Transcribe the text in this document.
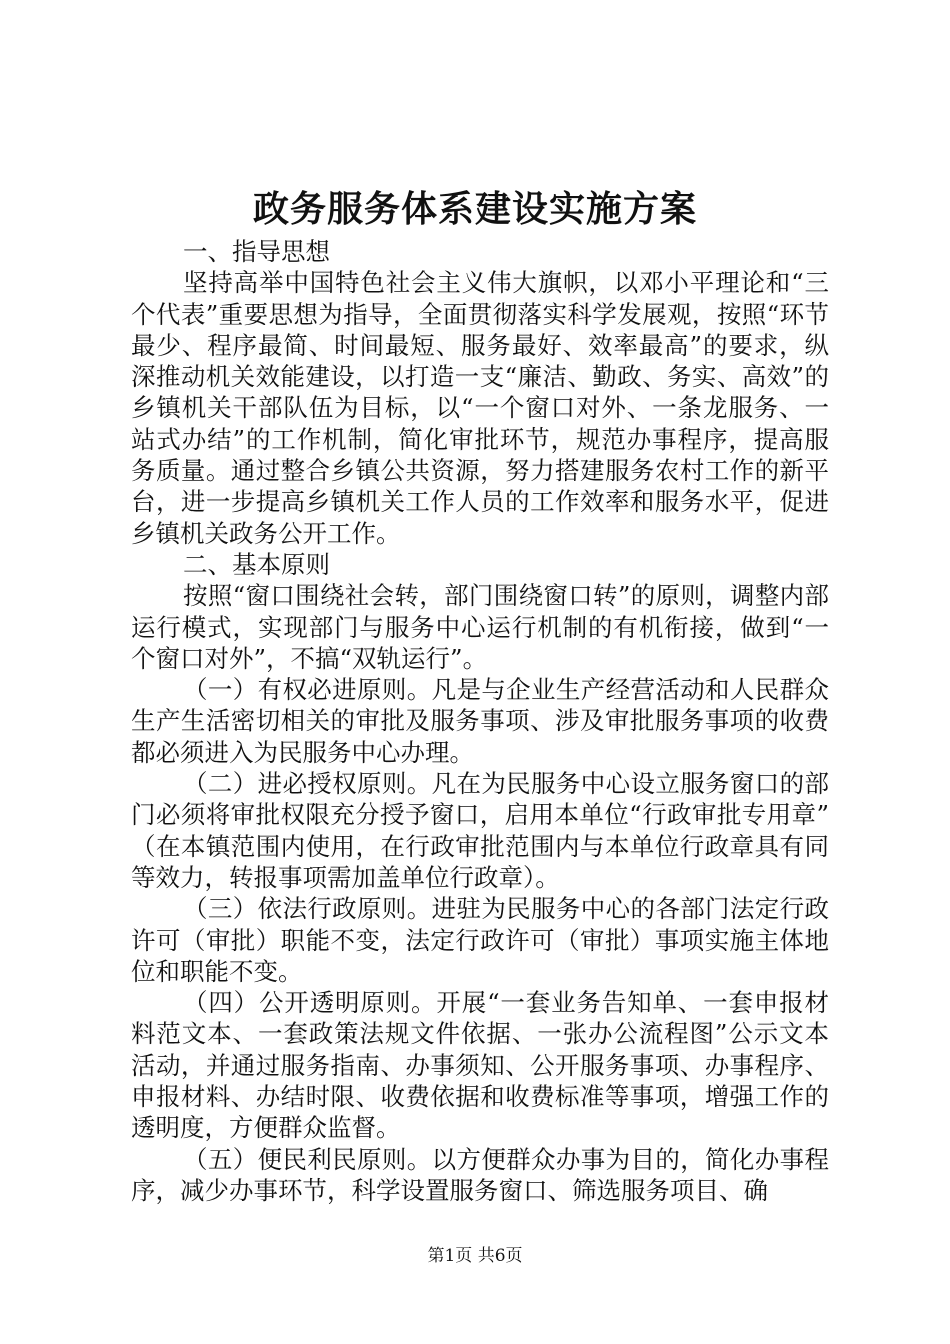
政务服务体系建设实施方案

一、指导思想

坚持高举中国特色社会主义伟大旗帜，以邓小平理论和“三个代表”重要思想为指导，全面贯彻落实科学发展观，按照“环节最少、程序最简、时间最短、服务最好、效率最高”的要求，纵深推动机关效能建设，以打造一支“廉洁、勤政、务实、高效”的乡镇机关干部队伍为目标，以“一个窗口对外、一条龙服务、一站式办结”的工作机制，简化审批环节，规范办事程序，提高服务质量。通过整合乡镇公共资源，努力搭建服务农村工作的新平台，进一步提高乡镇机关工作人员的工作效率和服务水平，促进乡镇机关政务公开工作。

二、基本原则

按照“窗口围绕社会转，部门围绕窗口转”的原则，调整内部运行模式，实现部门与服务中心运行机制的有机衔接，做到“一个窗口对外”，不搞“双轨运行”。

（一）有权必进原则。凡是与企业生产经营活动和人民群众生产生活密切相关的审批及服务事项、涉及审批服务事项的收费都必须进入为民服务中心办理。

（二）进必授权原则。凡在为民服务中心设立服务窗口的部门必须将审批权限充分授予窗口，启用本单位“行政审批专用章”（在本镇范围内使用，在行政审批范围内与本单位行政章具有同等效力，转报事项需加盖单位行政章）。

（三）依法行政原则。进驻为民服务中心的各部门法定行政许可（审批）职能不变，法定行政许可（审批）事项实施主体地位和职能不变。

（四）公开透明原则。开展“一套业务告知单、一套申报材料范文本、一套政策法规文件依据、一张办公流程图”公示文本活动，并通过服务指南、办事须知、公开服务事项、办事程序、申报材料、办结时限、收费依据和收费标准等事项，增强工作的透明度，方便群众监督。

（五）便民利民原则。以方便群众办事为目的，简化办事程序，减少办事环节，科学设置服务窗口、筛选服务项目、确

第1页 共6页
